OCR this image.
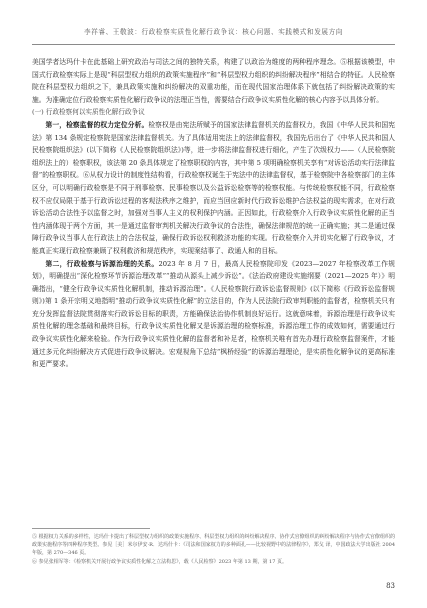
李祥睿、王敬波：行政检察实质性化解行政争议：核心问题、实践模式和发展方向

美国学者达玛什卡在此基础上研究政治与司法之间的独特关系，构建了以政治为维度的两种程序理念。⑤根据该模型，中国式行政检察实际上是现“科层型权力组织的政策实施程序”和“科层型权力组织的纠纷解决程序”相结合的特征。人民检察院在科层型权力组织之下，兼具政策实施和纠纷解决的双重功能，而在现代国家治理体系下就包括了纠纷解决政策的实施。为准确定位行政检察实质性化解行政争议的法理正当性，需要结合行政争议实质性化解的核心内容予以具体分析。

(一) 行政检察何以实质性化解行政争议

第一，检察监督的权力定位分析。检察权是由宪法所赋予的国家法律监督机关的监督权力，我国《中华人民共和国宪法》第 134 条规定检察院是国家法律监督机关。为了具体适用宪法上的法律监督权，我国先后出台了《中华人民共和国人民检察院组织法》(以下简称《人民检察院组织法》)等，进一步将法律监督权进行细化，产生了次级权力——（人民检察院组织法上的）检察职权，该法第 20 条具体规定了检察职权的内容，其中第 5 项明确检察机关享有“对诉讼活动实行法律监督”的检察职权。⑥从权力设计的制度性结构看，行政检察权诞生于宪法中的法律监督权，基于检察院中各检察部门的主体区分，可以明确行政检察是不同于刑事检察、民事检察以及公益诉讼检察等的检察权能。与传统检察权能不同，行政检察权不应仅局限于基于行政诉讼过程的客观法秩序之维护，而应当回应新时代行政诉讼维护合法权益的现实需求，在对行政诉讼活动合法性予以监督之时，加强对当事人主义的权利保护内涵。正因如此，行政检察介入行政争议实质性化解的正当性内涵体现于两个方面，其一是通过监督审判机关解决行政争议的合法性，确保法律规范的统一正确实施；其二是通过保障行政争议当事人在行政法上的合法权益，确保行政诉讼权利救济功能的实现。行政检察介入并切实化解了行政争议，才能真正实现行政检察兼顾了权利救济和规范秩序，实现案结事了、政通人和的目标。

第二，行政检察与诉源治理的关系。2023 年 8 月 7 日，最高人民检察院印发《2023—2027 年检察改革工作规划》，明确提出“深化检察环节诉源治理改革”“推动从源头上减少诉讼”。《法治政府建设实施纲要（2021—2025 年）》明确指出，“健全行政争议实质性化解机制，推动诉源治理”。《人民检察院行政诉讼监督规则》(以下简称《行政诉讼监督规则》)第 1 条开宗明义地指明“推动行政争议实质性化解”的立法目的，作为人民法院行政审判职能的监督者，检察机关只有充分发挥监督法院贯彻落实行政诉讼目标的职责，方能确保法治协作机制良好运行。这就意味着，诉源治理是行政争议实质性化解的理念基础和最终目标，行政争议实质性化解又是诉源治理的检察标准，诉源治理工作的成效如何，需要通过行政争议实质性化解来检验。作为行政争议实质性化解的监督者和补足者，检察机关唯有首先办理行政检察监督案件，才能通过多元化纠纷解决方式促进行政争议解决。宏观视角下总结“枫桥经验”的诉源治理理论，是实质性化解争议的更高标准和更严要求。

⑤ 根据权力关系的多样性，达玛什卡提出了科层型权力组织的政策实施程序、科层型权力组织的纠纷解决程序、协作式官僚组织的纠纷解决程序与协作式官僚组织的政策实施程序等四种程序类型。参见［美］米尔伊安·R．达玛什卡：《司法和国家权力的多种面孔——比较视野中的法律程序》，郑戈 译，中国政法大学出版社 2004 年版，第 270—346 页。

⑥ 参见张相军等：《检察机关开展行政争议实质性化解之立法构思》，载《人民检察》2023 年第 13 期，第 17 页。

83
